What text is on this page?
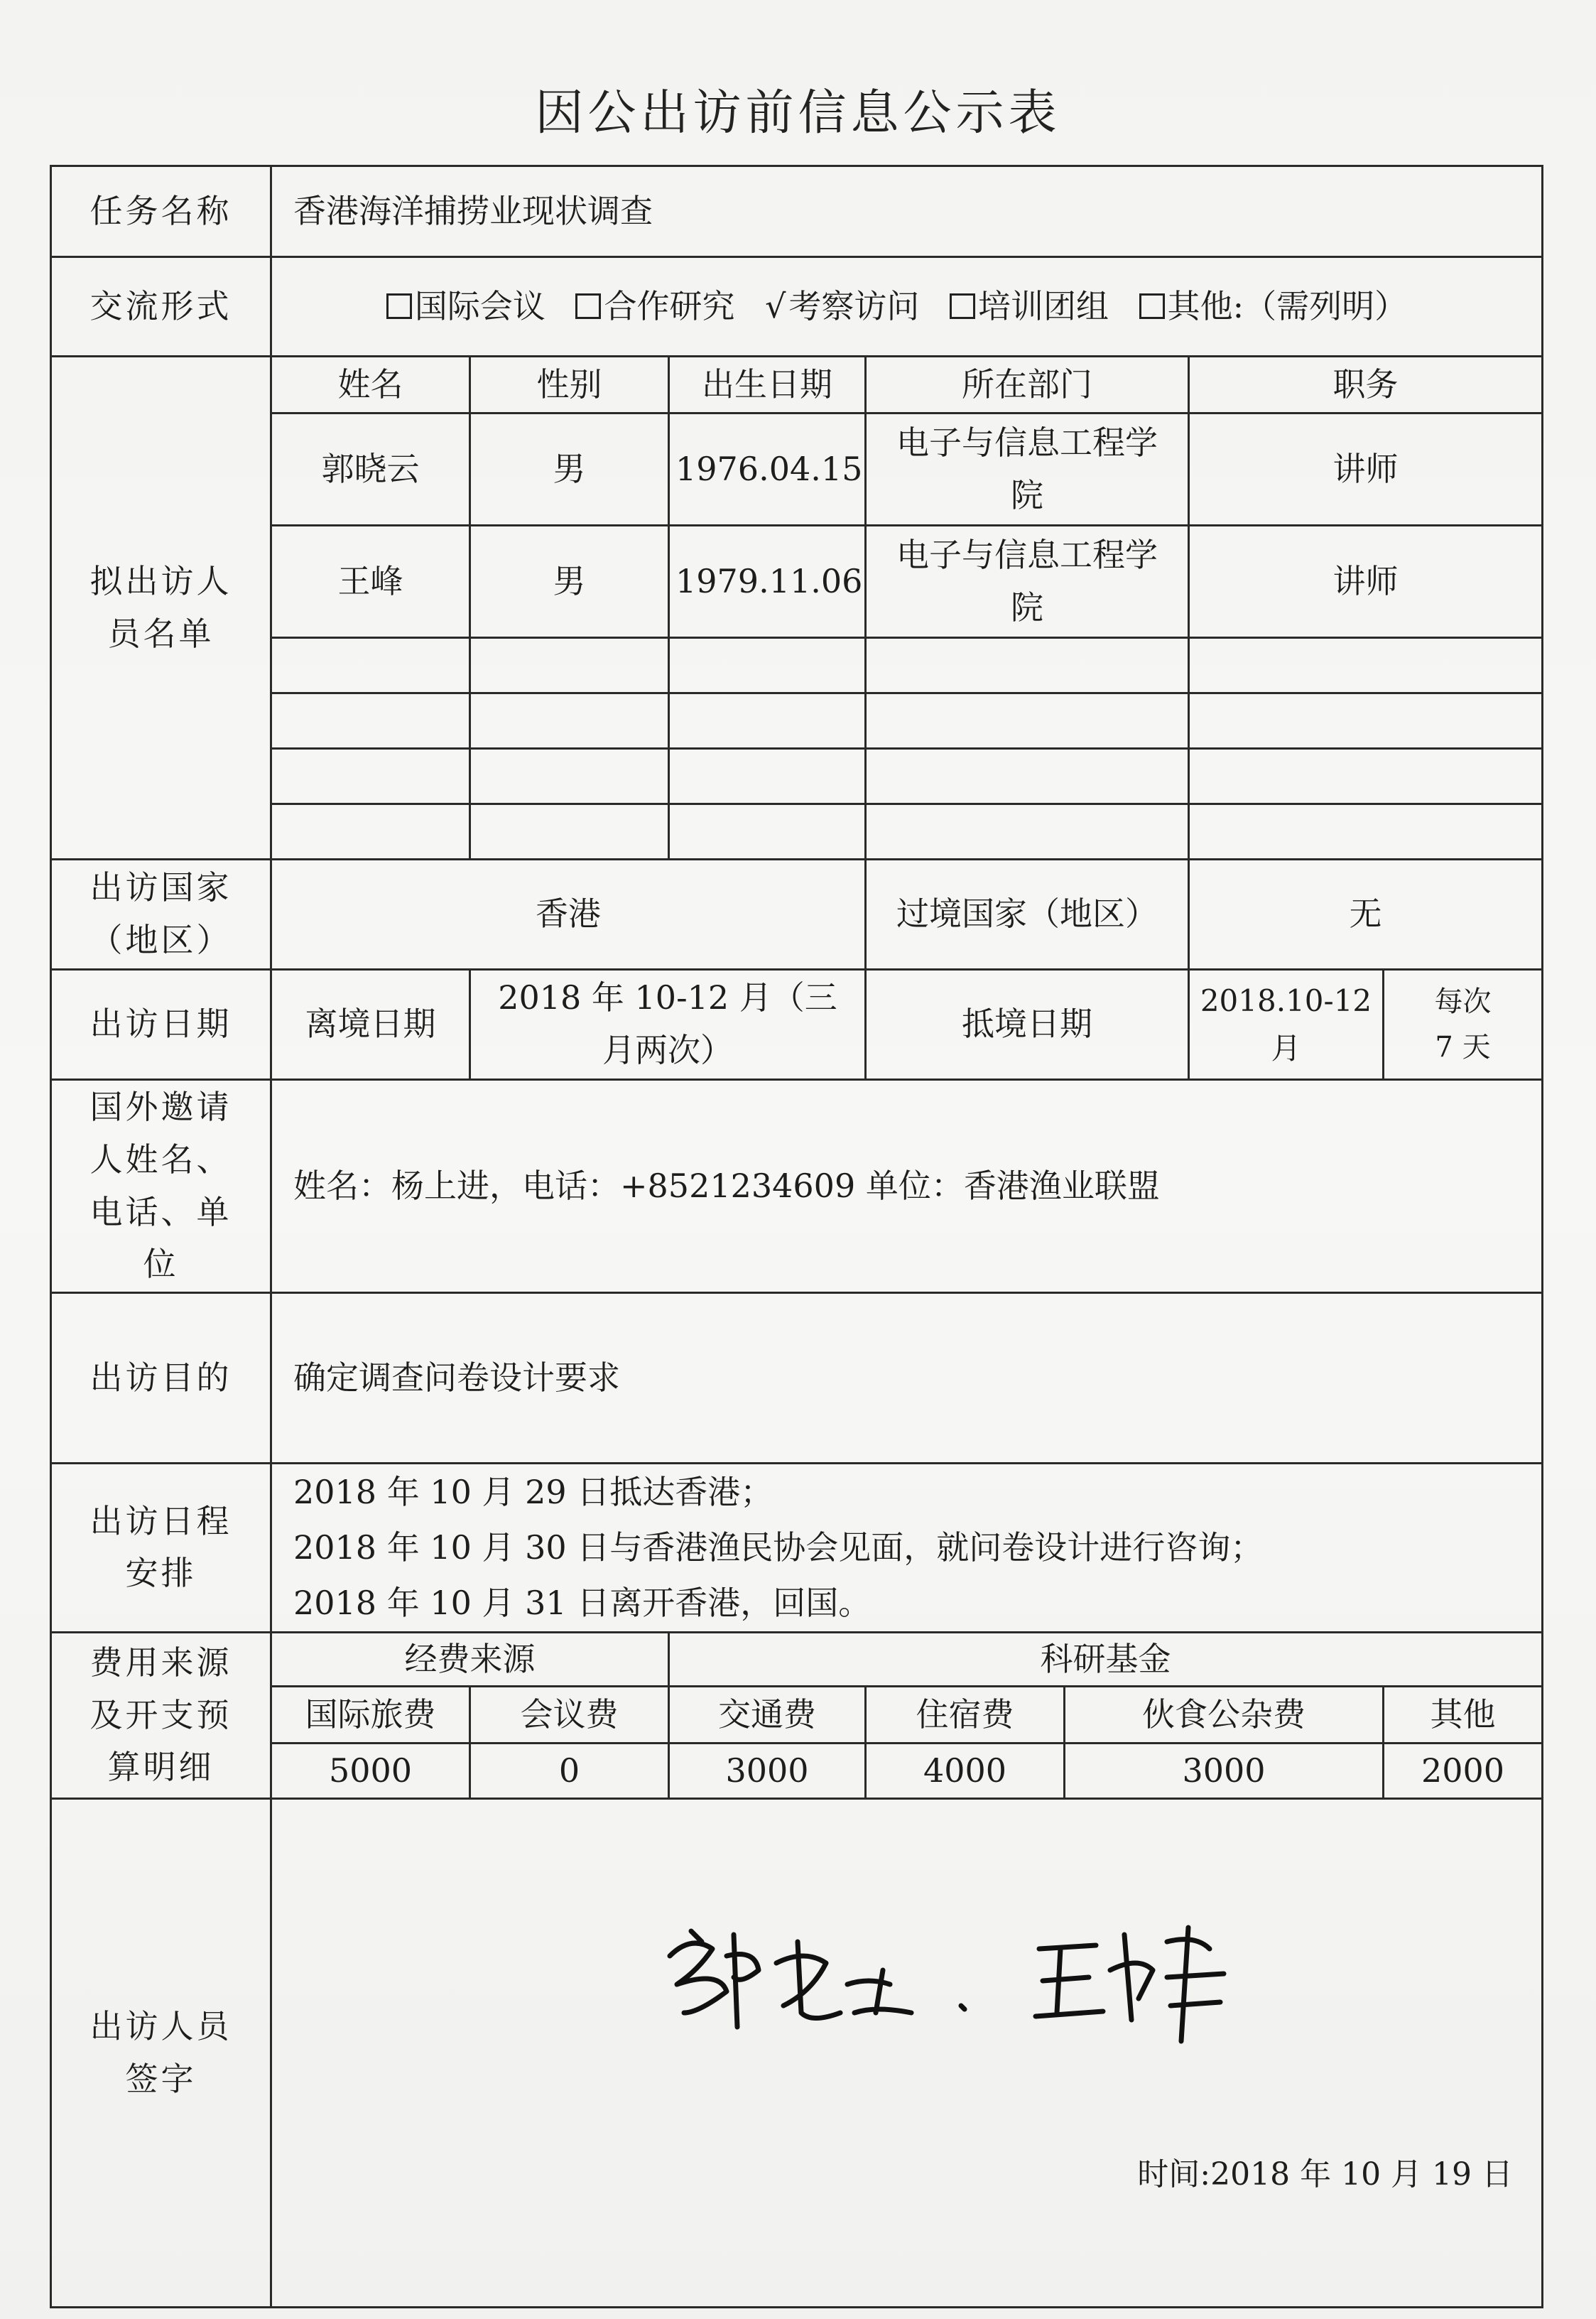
因公出访前信息公示表
任务名称	香港海洋捕捞业现状调查						
交流形式	国际会议 合作研究 √考察访问 培训团组 其他:（需列明）						
拟出访人员名单	姓名	性别	出生日期	所在部门		职务	
	郭晓云	男	1976.04.15	电子与信息工程学院		讲师	
	王峰	男	1979.11.06	电子与信息工程学院		讲师	

出访国家（地区）	香港			过境国家（地区）		无	
出访日期	离境日期	2018 年 10-12 月（三月两次）		抵境日期		2018.10-12 月	每次 7 天
国外邀请人姓名、电话、单位	姓名：杨上进，电话：+8521234609 单位：香港渔业联盟						
出访目的	确定调查问卷设计要求						
出访日程安排	2018 年 10 月 29 日抵达香港；
2018 年 10 月 30 日与香港渔民协会见面，就问卷设计进行咨询；
2018 年 10 月 31 日离开香港，回国。						

费用来源及开支预算明细	经费来源		科研基金				
	国际旅费	会议费	交通费	住宿费	伙食公杂费		其他
	5000	0	3000	4000	3000		2000
出访人员签字	时间:2018 年 10 月 19 日						
